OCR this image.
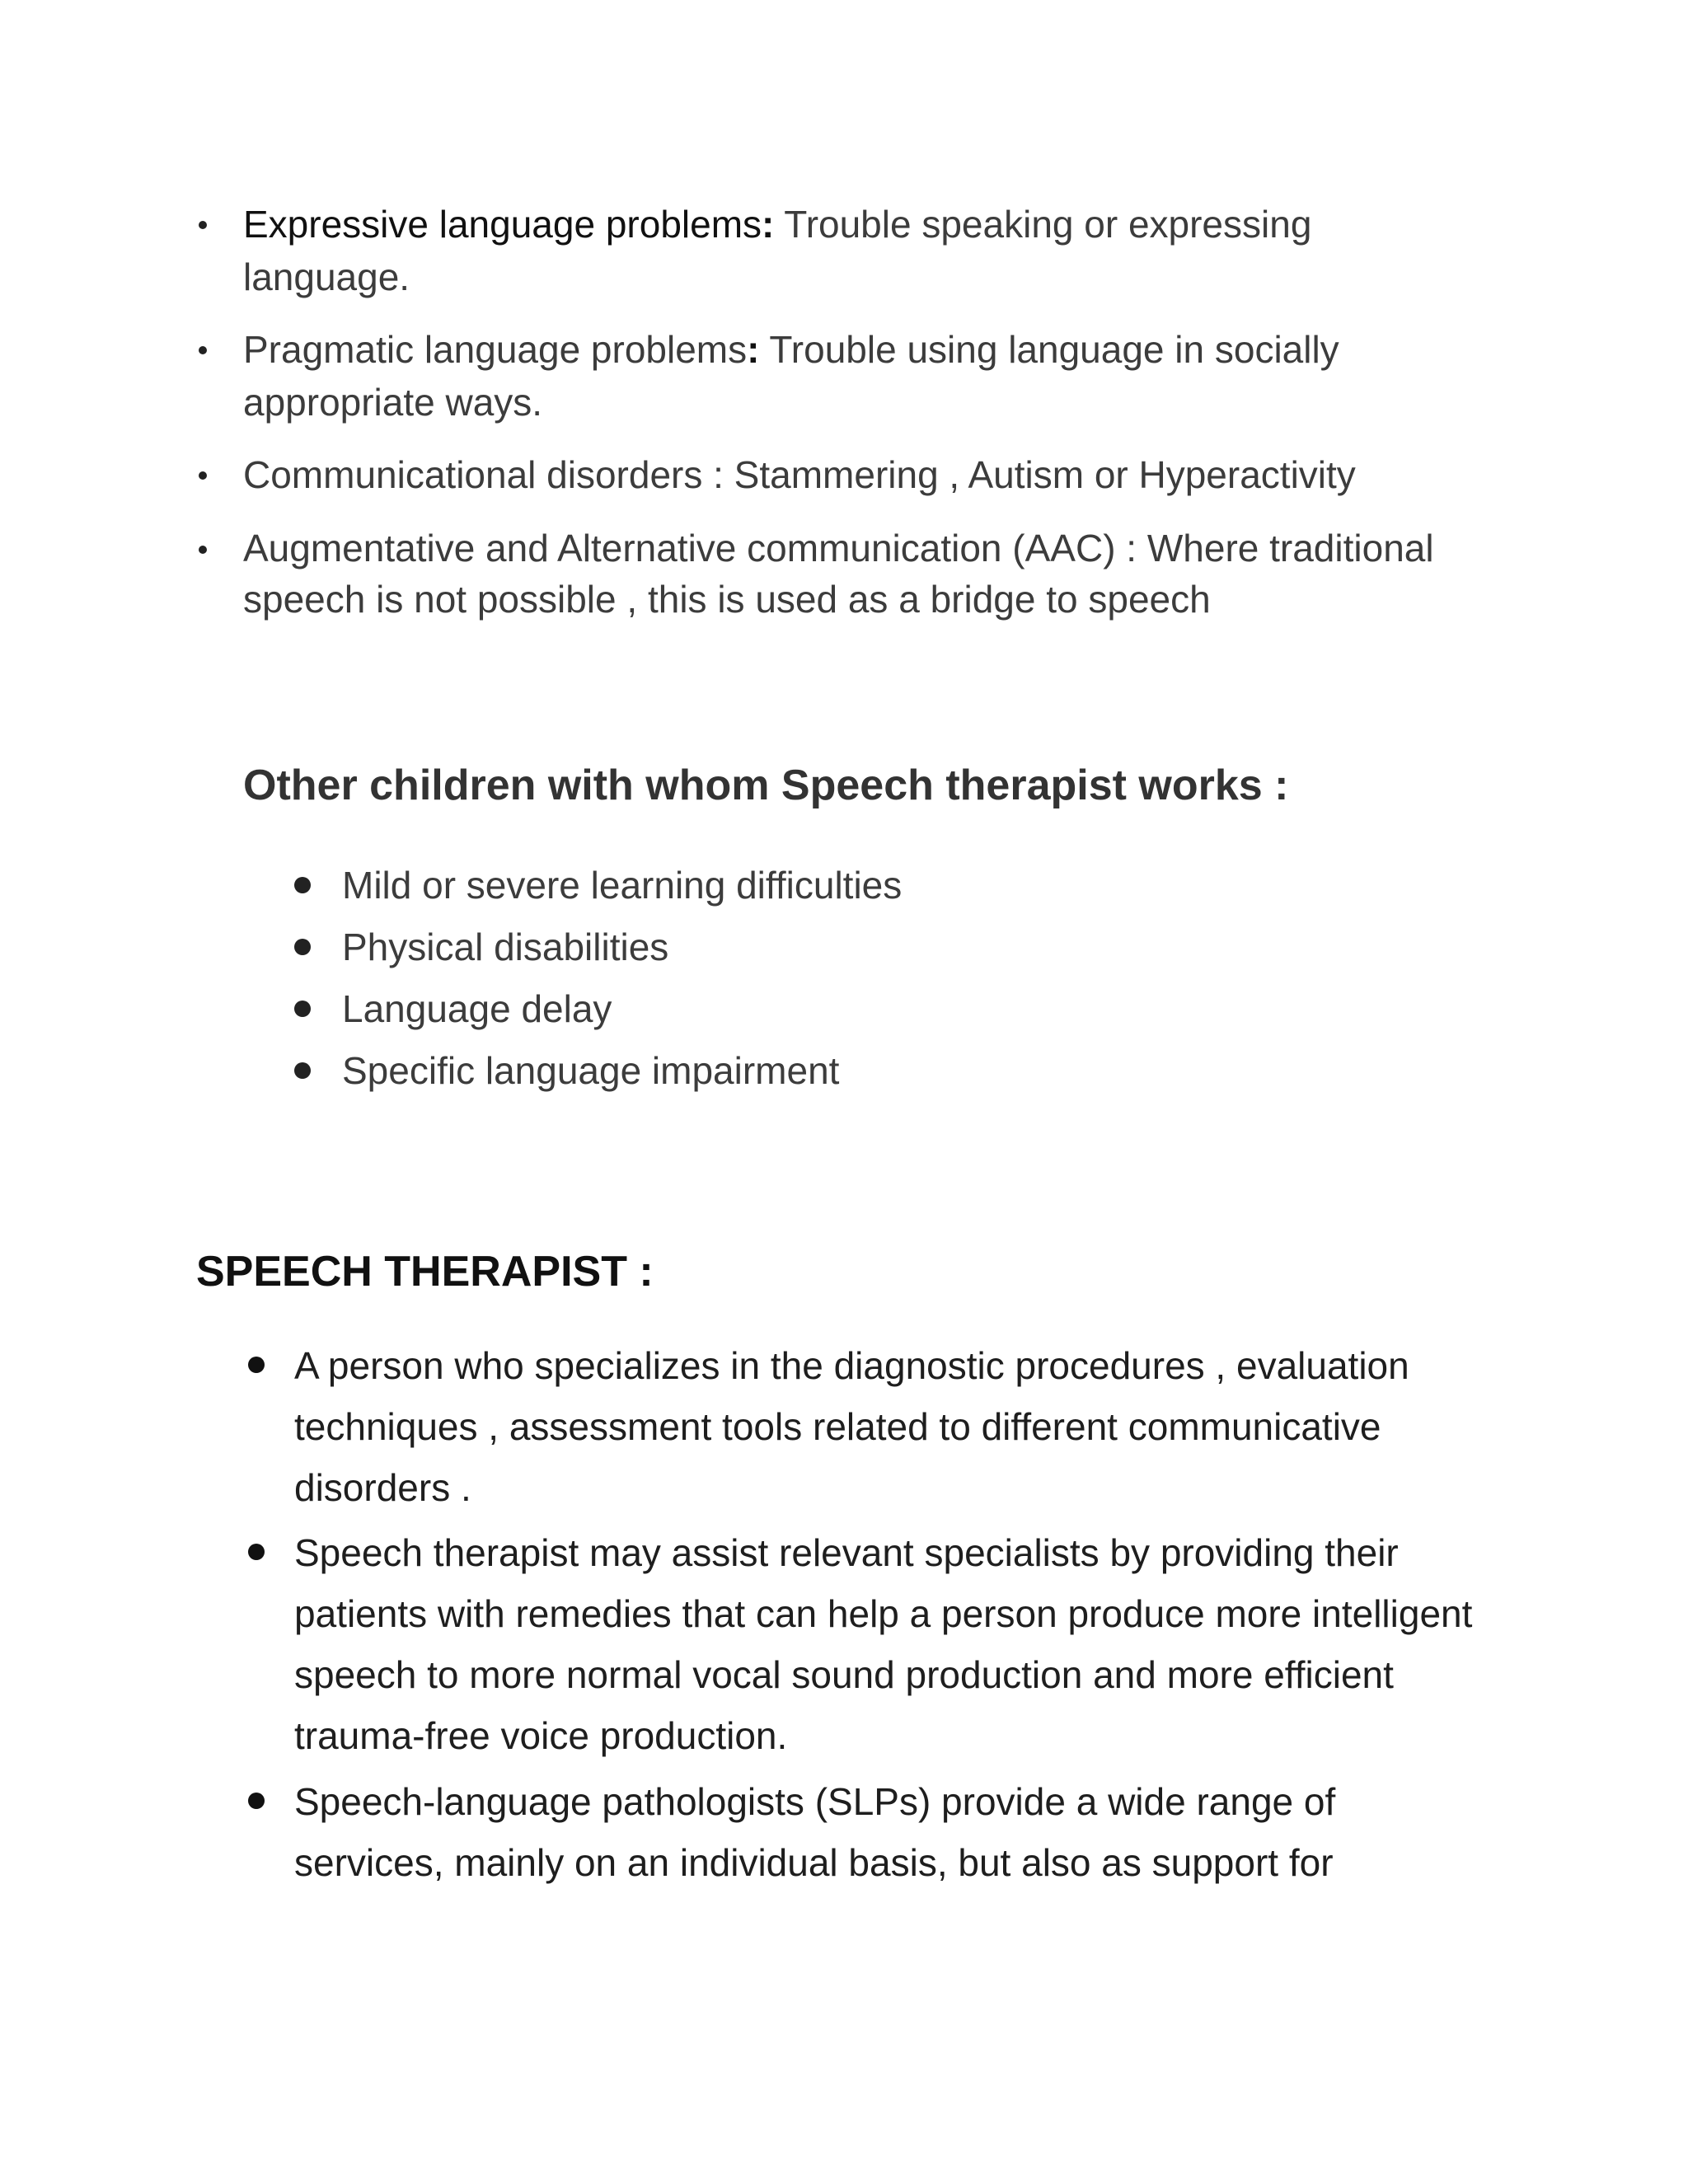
Expressive language problems: Trouble speaking or expressing language.
Pragmatic language problems: Trouble using language in socially appropriate ways.
Communicational disorders : Stammering , Autism or Hyperactivity
Augmentative and Alternative communication (AAC) : Where traditional speech is not possible , this is used as a bridge to speech
Other children with whom Speech therapist works :
Mild or severe learning difficulties
Physical disabilities
Language delay
Specific language impairment
SPEECH THERAPIST :
A person who specializes in the diagnostic procedures , evaluation techniques , assessment tools related to different communicative disorders .
Speech therapist may assist relevant specialists by providing their patients with remedies that can help a person produce more intelligent speech to more normal vocal sound production and more efficient trauma-free voice production.
Speech-language pathologists (SLPs) provide a wide range of services, mainly on an individual basis, but also as support for
